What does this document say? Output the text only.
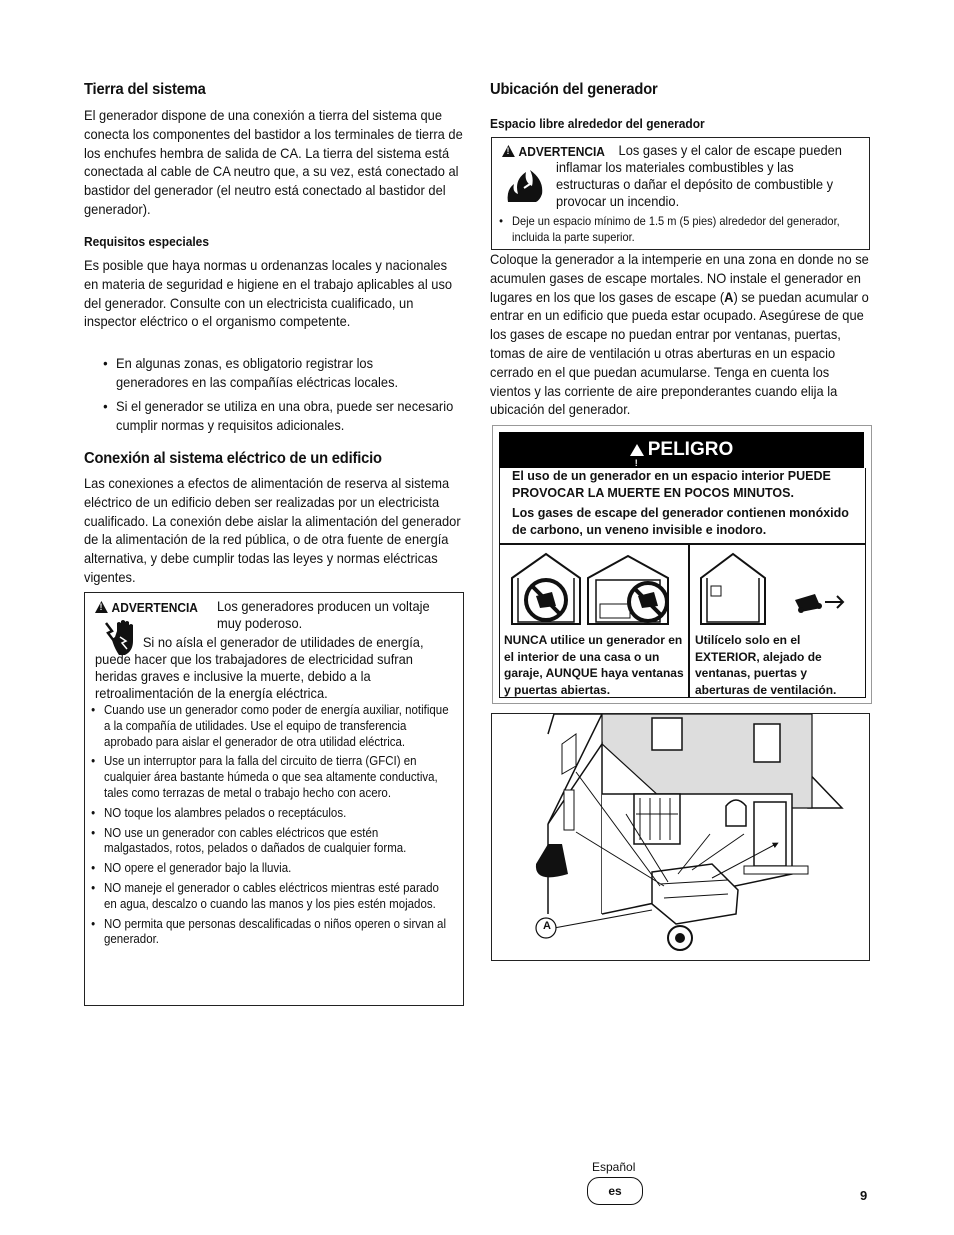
Tierra del sistema
El generador dispone de una conexión a tierra del sistema que conecta los componentes del bastidor a los terminales de tierra de los enchufes hembra de salida de CA. La tierra del sistema está conectada al cable de CA neutro que, a su vez, está conectado al bastidor del generador (el neutro está conectado al bastidor del generador).
Requisitos especiales
Es posible que haya normas u ordenanzas locales y nacionales en materia de seguridad e higiene en el trabajo aplicables al uso del generador. Consulte con un electricista cualificado, un inspector eléctrico o el organismo competente.
• En algunas zonas, es obligatorio registrar los generadores en las compañías eléctricas locales.
• Si el generador se utiliza en una obra, puede ser necesario cumplir normas y requisitos adicionales.
Conexión al sistema eléctrico de un edificio
Las conexiones a efectos de alimentación de reserva al sistema eléctrico de un edificio deben ser realizadas por un electricista cualificado. La conexión debe aislar la alimentación del generador de la alimentación de la red pública, o de otra fuente de energía alternativa, y debe cumplir todas las leyes y normas eléctricas vigentes.
!ADVERTENCIA Los generadores producen un voltaje muy poderoso.
Si no aísla el generador de utilidades de energía, puede hacer que los trabajadores de electricidad sufran heridas graves e inclusive la muerte, debido a la retroalimentación de la energía eléctrica.
• Cuando use un generador como poder de energía auxiliar, notifique a la compañía de utilidades. Use el equipo de transferencia aprobado para aislar el generador de otra utilidad eléctrica.
• Use un interruptor para la falla del circuito de tierra (GFCI) en cualquier área bastante húmeda o que sea altamente conductiva, tales como terrazas de metal o trabajo hecho con acero.
• NO toque los alambres pelados o receptáculos.
• NO use un generador con cables eléctricos que estén malgastados, rotos, pelados o dañados de cualquier forma.
• NO opere el generador bajo la lluvia.
• NO maneje el generador o cables eléctricos mientras esté parado en agua, descalzo o cuando las manos y los pies estén mojados.
• NO permita que personas descalificadas o niños operen o sirvan al generador.
Ubicación del generador
Espacio libre alrededor del generador
!ADVERTENCIA Los gases y el calor de escape pueden inflamar los materiales combustibles y las estructuras o dañar el depósito de combustible y provocar un incendio.
• Deje un espacio mínimo de 1.5 m (5 pies) alrededor del generador, incluida la parte superior.
Coloque la generador a la intemperie en una zona en donde no se acumulen gases de escape mortales. NO instale el generador en lugares en los que los gases de escape (A) se puedan acumular o entrar en un edificio que pueda estar ocupado. Asegúrese de que los gases de escape no puedan entrar por ventanas, puertas, tomas de aire de ventilación u otras aberturas en un espacio cerrado en el que puedan acumularse. Tenga en cuenta los vientos y las corriente de aire preponderantes cuando elija la ubicación del generador.
!PELIGRO
El uso de un generador en un espacio interior PUEDE PROVOCAR LA MUERTE EN POCOS MINUTOS.
Los gases de escape del generador contienen monóxido de carbono, un veneno invisible e inodoro.
NUNCA utilice un generador en el interior de una casa o un garaje, AUNQUE haya ventanas y puertas abiertas.
Utilícelo solo en el EXTERIOR, alejado de ventanas, puertas y aberturas de ventilación.
A
Español
es	9
